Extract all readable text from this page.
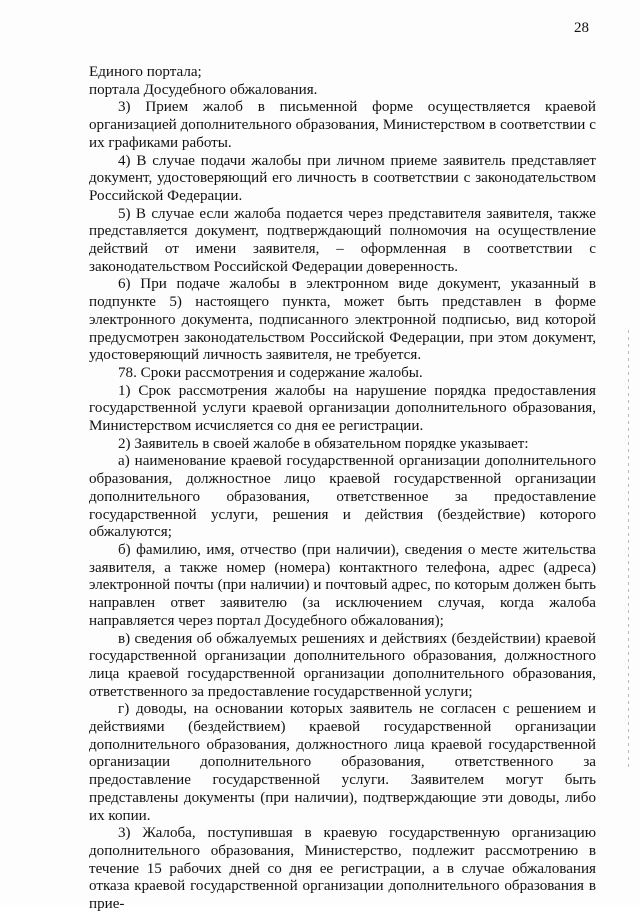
28

Единого портала;

портала Досудебного обжалования.

3) Прием жалоб в письменной форме осуществляется краевой организацией дополнительного образования, Министерством в соответствии с их графиками работы.

4) В случае подачи жалобы при личном приеме заявитель представляет документ, удостоверяющий его личность в соответствии с законодательством Российской Федерации.

5) В случае если жалоба подается через представителя заявителя, также представляется документ, подтверждающий полномочия на осуществление действий от имени заявителя, – оформленная в соответствии с законодательством Российской Федерации доверенность.

6) При подаче жалобы в электронном виде документ, указанный в подпункте 5) настоящего пункта, может быть представлен в форме электронного документа, подписанного электронной подписью, вид которой предусмотрен законодательством Российской Федерации, при этом документ, удостоверяющий личность заявителя, не требуется.

78. Сроки рассмотрения и содержание жалобы.

1) Срок рассмотрения жалобы на нарушение порядка предоставления государственной услуги краевой организации дополнительного образования, Министерством исчисляется со дня ее регистрации.

2) Заявитель в своей жалобе в обязательном порядке указывает:

а) наименование краевой государственной организации дополнительного образования, должностное лицо краевой государственной организации дополнительного образования, ответственное за предоставление государственной услуги, решения и действия (бездействие) которого обжалуются;

б) фамилию, имя, отчество (при наличии), сведения о месте жительства заявителя, а также номер (номера) контактного телефона, адрес (адреса) электронной почты (при наличии) и почтовый адрес, по которым должен быть направлен ответ заявителю (за исключением случая, когда жалоба направляется через портал Досудебного обжалования);

в) сведения об обжалуемых решениях и действиях (бездействии) краевой государственной организации дополнительного образования, должностного лица краевой государственной организации дополнительного образования, ответственного за предоставление государственной услуги;

г) доводы, на основании которых заявитель не согласен с решением и действиями (бездействием) краевой государственной организации дополнительного образования, должностного лица краевой государственной организации дополнительного образования, ответственного за предоставление государственной услуги. Заявителем могут быть представлены документы (при наличии), подтверждающие эти доводы, либо их копии.

3) Жалоба, поступившая в краевую государственную организацию дополнительного образования, Министерство, подлежит рассмотрению в течение 15 рабочих дней со дня ее регистрации, а в случае обжалования отказа краевой государственной организации дополнительного образования в прие-
